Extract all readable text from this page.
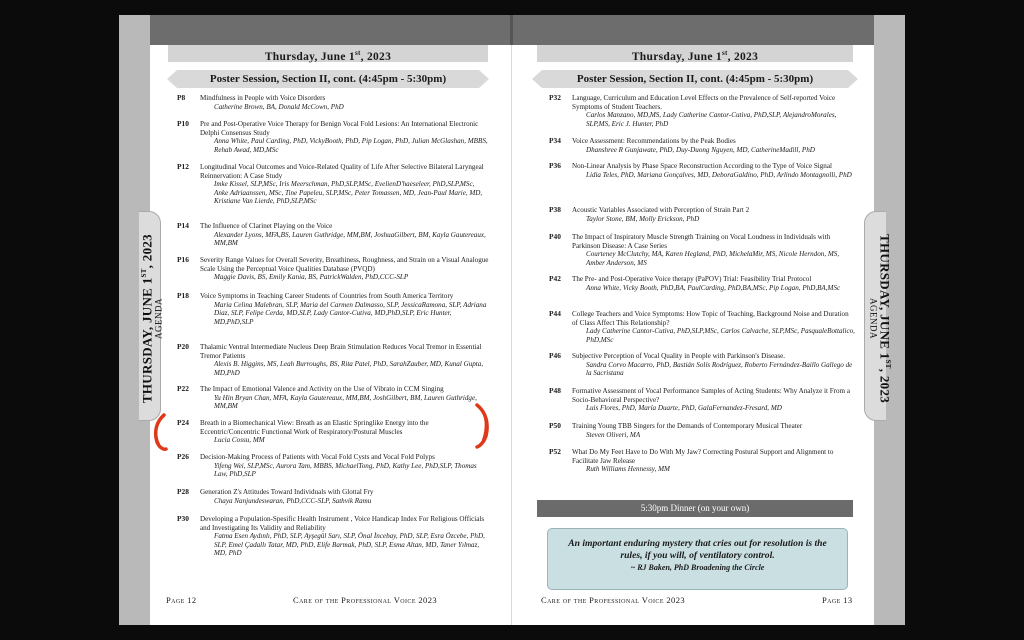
THURSDAY, JUNE 1ST, 2023
AGENDA	THURSDAY, JUNE 1ST, 2023
AGENDA
Thursday, June 1st, 2023
Poster Session, Section II, cont. (4:45pm - 5:30pm)
P8 Mindfulness in People with Voice Disorders
Catherine Brown, BA, Donald McCown, PhD
P10 Pre and Post-Operative Voice Therapy for Benign Vocal Fold Lesions: An International Electronic Delphi Consensus Study
Anna White, Paul Carding, PhD, VickyBooth, PhD, Pip Logan, PhD, Julian McGlashan, MBBS, Rehab Awad, MD,MSc
P12 Longitudinal Vocal Outcomes and Voice-Related Quality of Life After Selective Bilateral Laryngeal Reinnervation: A Case Study
Imke Kissel, SLP,MSc, Iris Meerschman, PhD,SLP,MSc, EvelienD'haeseleer, PhD,SLP,MSc, Anke Adriaanssen, MSc, Tine Papeleu, SLP,MSc, Peter Tomassen, MD, Jean-Paul Marie, MD, Kristiane Van Lierde, PhD,SLP,MSc
P14 The Influence of Clarinet Playing on the Voice
Alexander Lyons, MFA,BS, Lauren Guthridge, MM,BM, JoshuaGilbert, BM, Kayla Gautereaux, MM,BM
P16 Severity Range Values for Overall Severity, Breathiness, Roughness, and Strain on a Visual Analogue Scale Using the Perceptual Voice Qualities Database (PVQD)
Maggie Davis, BS, Emily Kania, BS, PatrickWalden, PhD,CCC-SLP
P18 Voice Symptoms in Teaching Career Students of Countries from South America Territory
Maria Celina Malebran, SLP, Maria del Carmen Dalmasso, SLP, JessicaRamona, SLP, Adriana Diaz, SLP, Felipe Cerda, MD,SLP, Lady Cantor-Cutiva, MD,PhD,SLP, Eric Hunter, MD,PhD,SLP
P20 Thalamic Ventral Intermediate Nucleus Deep Brain Stimulation Reduces Vocal Tremor in Essential Tremor Patients
Alexis B. Higgins, MS, Leah Burroughs, BS, Rita Patel, PhD, SarahZauber, MD, Kunal Gupta, MD,PhD
P22 The Impact of Emotional Valence and Activity on the Use of Vibrato in CCM Singing
Yu Hin Bryan Chan, MFA, Kayla Gautereaux, MM,BM, JoshGilbert, BM, Lauren Guthridge, MM,BM
P24 Breath in a Biomechanical View: Breath as an Elastic Springlike Energy into the Eccentric/Concentric Functional Work of Respiratory/Postural Muscles
Lucia Cossu, MM
P26 Decision-Making Process of Patients with Vocal Fold Cysts and Vocal Fold Polyps
Yifeng Wei, SLP,MSc, Aurora Tam, MBBS, MichaelTong, PhD, Kathy Lee, PhD,SLP, Thomas Law, PhD,SLP
P28 Generation Z's Attitudes Toward Individuals with Glottal Fry
Chaya Nanjundeswaran, PhD,CCC-SLP, Sathvik Ramu
P30 Developing a Population-Spesific Health Instrument , Voice Handicap Index For Religious Officials and Investigating Its Validity and Reliability
Fatma Esen Aydınlı, PhD, SLP, Ayşegül Sarı, SLP, Önal İncebay, PhD, SLP, Esra Özcebe, PhD, SLP, Emel Çadallı Tatar, MD, PhD, Elife Barmak, PhD, SLP, Esma Altan, MD, Taner Yılmaz, MD, PhD
Thursday, June 1st, 2023
Poster Session, Section II, cont. (4:45pm - 5:30pm)
P32 Language, Curriculum and Education Level Effects on the Prevalence of Self-reported Voice Symptoms of Student Teachers.
Carlos Manzano, MD,MS, Lady Catherine Cantor-Cutiva, PhD,SLP, AlejandroMorales, SLP,MS, Eric J. Hunter, PhD
P34 Voice Assessment: Recommendations by the Peak Bodies
Dhanshree R Gunjawate, PhD, Duy-Duong Nguyen, MD, CatherineMadill, PhD
P36 Non-Linear Analysis by Phase Space Reconstruction According to the Type of Voice Signal
Lidia Teles, PhD, Mariana Gonçalves, MD, DeboraGaldino, PhD, Arlindo Montagnolli, PhD
P38 Acoustic Variables Associated with Perception of Strain Part 2
Taylor Stone, BM, Molly Erickson, PhD
P40 The Impact of Inspiratory Muscle Strength Training on Vocal Loudness in Individuals with Parkinson Disease: A Case Series
Courteney McClutchy, MA, Karen Hegland, PhD, MichelaMir, MS, Nicole Herndon, MS, Amber Anderson, MS
P42 The Pre- and Post-Operative Voice therapy (PaPOV) Trial: Feasibility Trial Protocol
Anna White, Vicky Booth, PhD,BA, PaulCarding, PhD,BA,MSc, Pip Logan, PhD,BA,MSc
P44 College Teachers and Voice Symptoms: How Topic of Teaching, Background Noise and Duration of Class Affect This Relationship?
Lady Catherine Cantor-Cutiva, PhD,SLP,MSc, Carlos Calvache, SLP,MSc, PasqualeBottalico, PhD,MSc
P46 Subjective Perception of Vocal Quality in People with Parkinson's Disease.
Sandra Corvo Macarro, PhD, Bastián Solís Rodríguez, Roberto Fernández-Baillo Gallego de la Sacristana
P48 Formative Assessment of Vocal Performance Samples of Acting Students: Why Analyze it From a Socio-Behavioral Perspective?
Luis Flores, PhD, María Duarte, PhD, GalaFernandez-Fresard, MD
P50 Training Young TBB Singers for the Demands of Contemporary Musical Theater
Steven Oliveri, MA
P52 What Do My Feet Have to Do With My Jaw? Correcting Postural Support and Alignment to Facilitate Jaw Release
Ruth Williams Hennessy, MM
5:30pm Dinner (on your own)
An important enduring mystery that cries out for resolution is the rules, if you will, of ventilatory control.
~ RJ Baken, PhD Broadening the Circle
Page 12	Care of the Professional Voice 2023	Care of the Professional Voice 2023	Page 13
